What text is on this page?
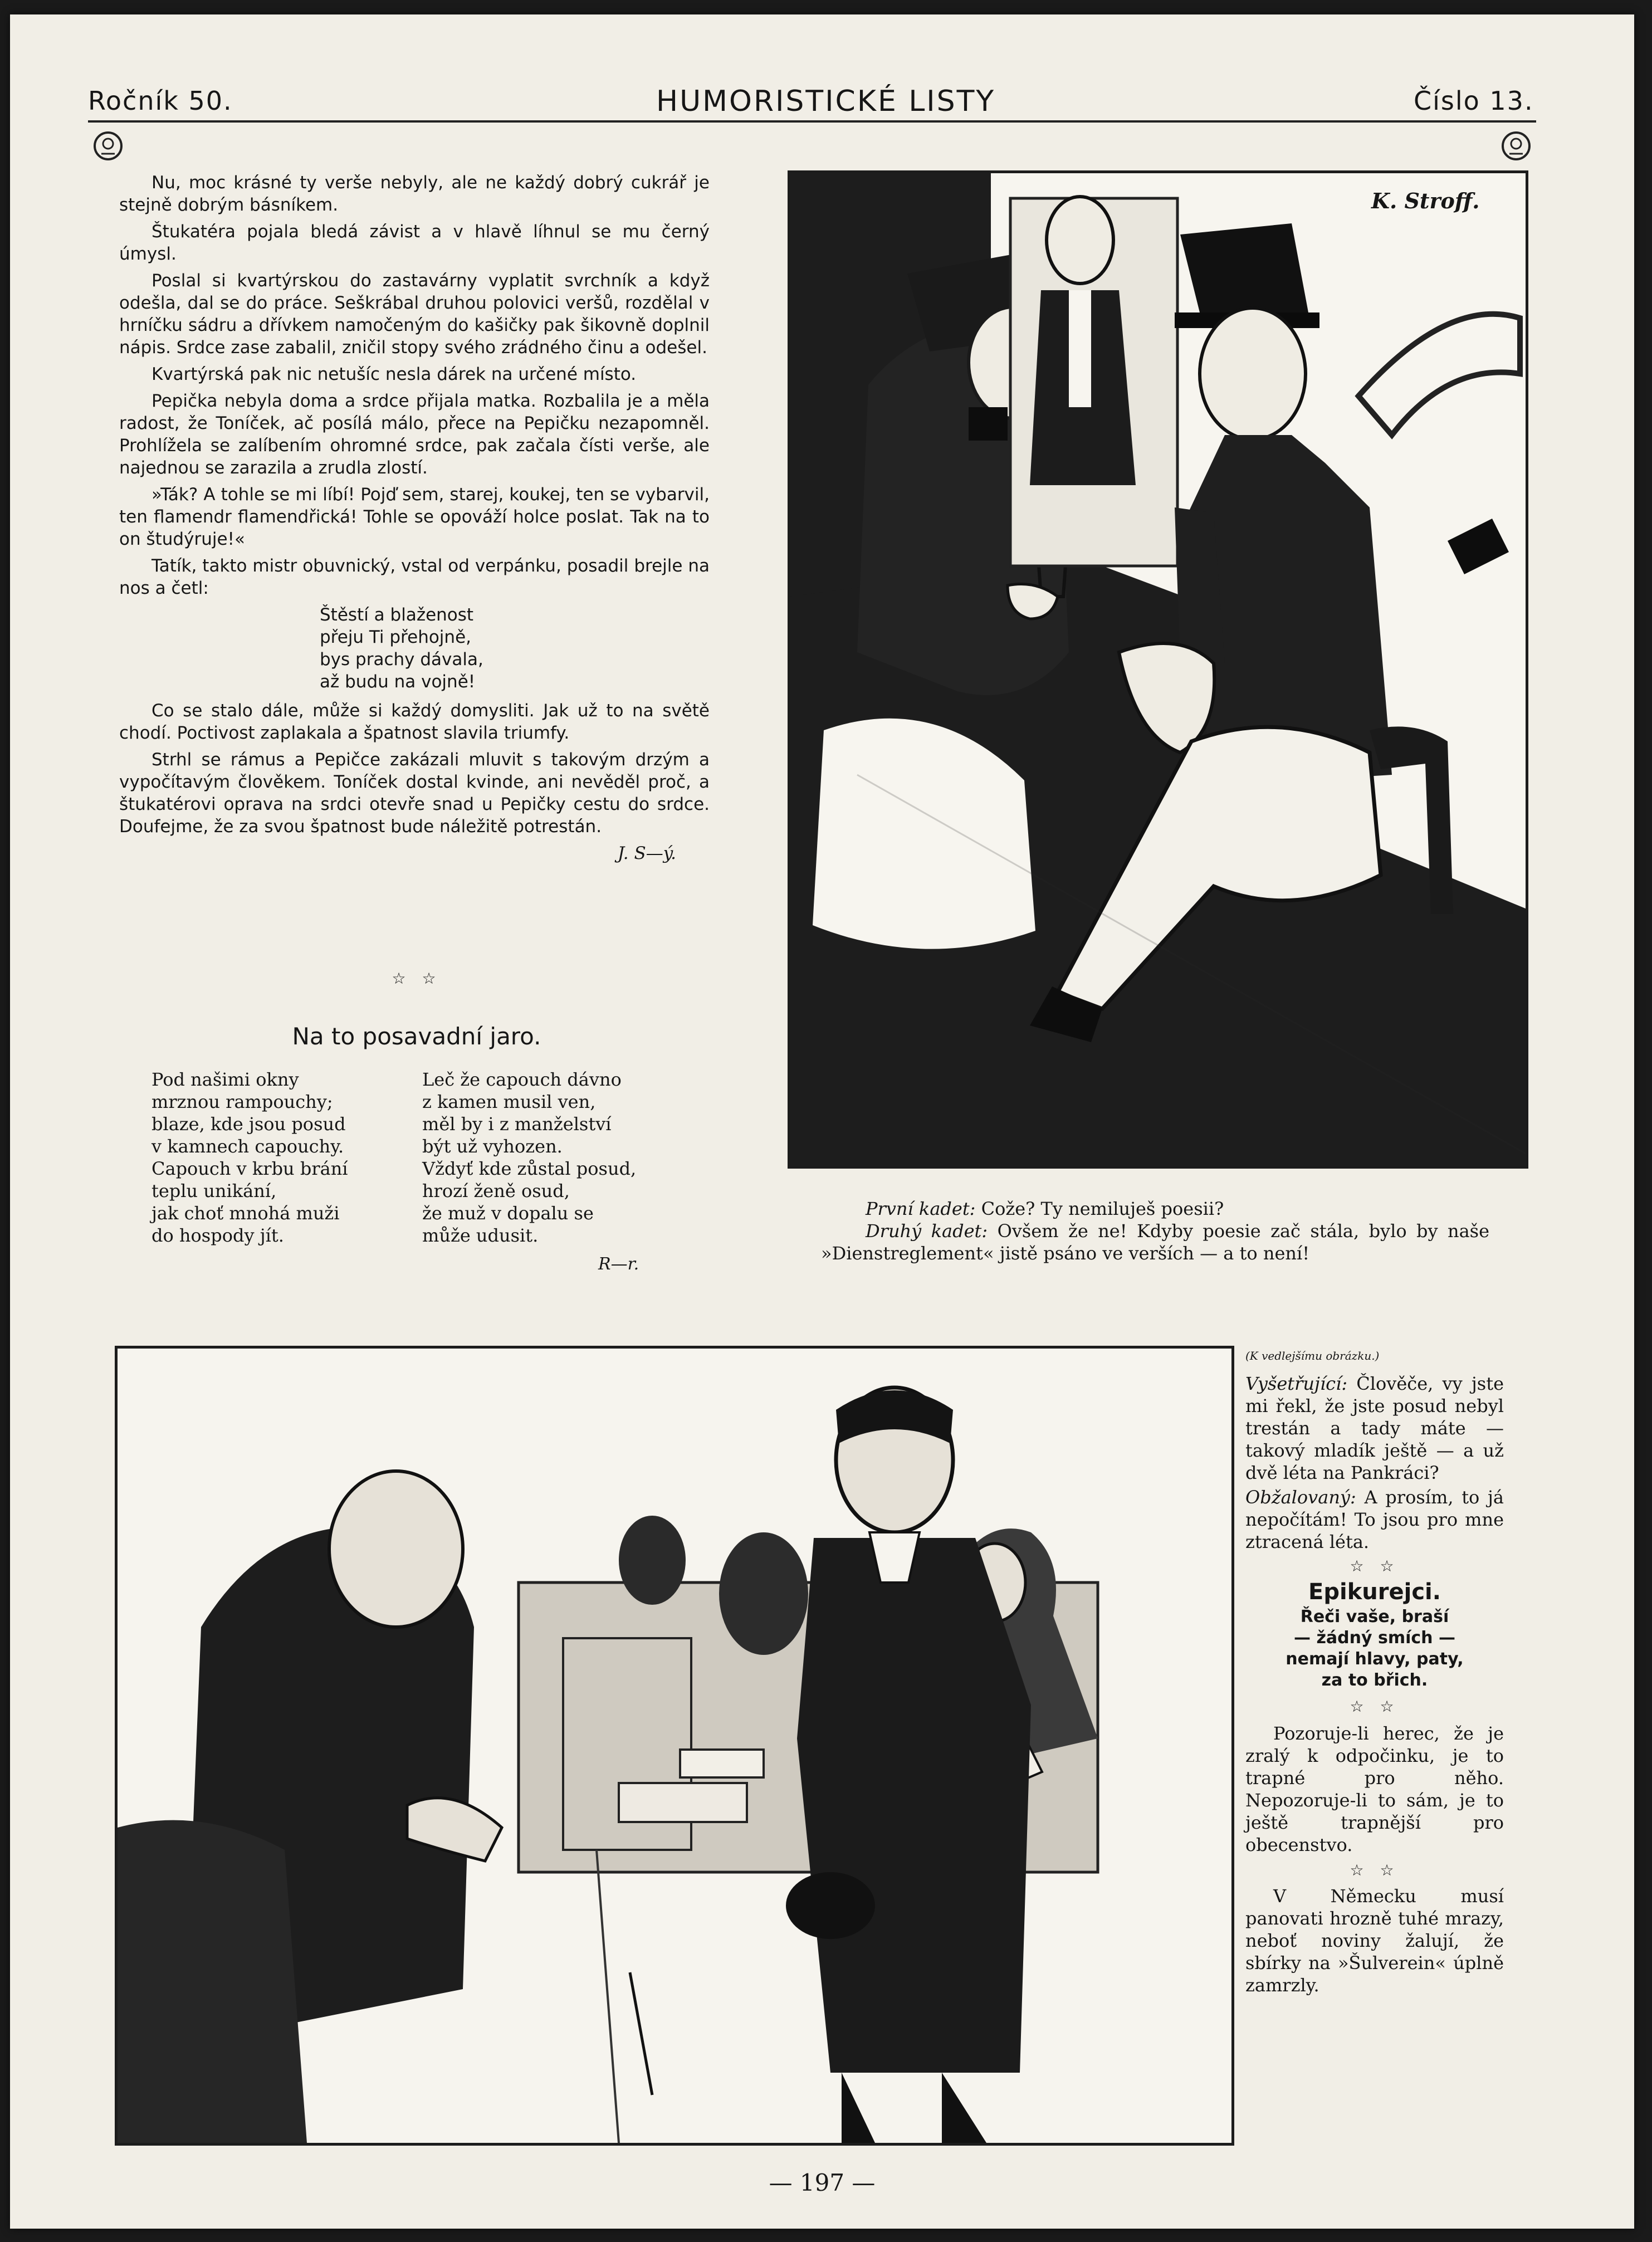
Ročník 50.	HUMORISTICKÉ LISTY	Číslo 13.

Nu, moc krásné ty verše nebyly, ale ne každý dobrý cukrář je stejně dobrým básníkem.

Štukatéra pojala bledá závist a v hlavě líhnul se mu černý úmysl.

Poslal si kvartýrskou do zastavárny vyplatit svrchník a když odešla, dal se do práce. Seškrábal druhou polovici veršů, rozdělal v hrníčku sádru a dřívkem namočeným do kašičky pak šikovně doplnil nápis. Srdce zase zabalil, zničil stopy svého zrádného činu a odešel.

Kvartýrská pak nic netušíc nesla dárek na určené místo.

Pepička nebyla doma a srdce přijala matka. Rozbalila je a měla radost, že Toníček, ač posílá málo, přece na Pepičku nezapomněl. Prohlížela se zalíbením ohromné srdce, pak začala čísti verše, ale najednou se zarazila a zrudla zlostí.

»Ták? A tohle se mi líbí! Pojď sem, starej, koukej, ten se vybarvil, ten flamendr flamendřická! Tohle se opováží holce poslat. Tak na to on študýruje!«

Tatík, takto mistr obuvnický, vstal od verpánku, posadil brejle na nos a četl:

Štěstí a blaženost
přeju Ti přehojně,
bys prachy dávala,
až budu na vojně!

Co se stalo dále, může si každý domysliti. Jak už to na světě chodí. Poctivost zaplakala a špatnost slavila triumfy.

Strhl se rámus a Pepičce zakázali mluvit s takovým drzým a vypočítavým člověkem. Toníček dostal kvinde, ani nevěděl proč, a štukatérovi oprava na srdci otevře snad u Pepičky cestu do srdce. Doufejme, že za svou špatnost bude náležitě potrestán.

J. S—ý.
☆ ☆
Na to posavadní jaro.
Pod našimi okny
mrznou rampouchy;
blaze, kde jsou posud
v kamnech capouchy.
Capouch v krbu brání
teplu unikání,
jak choť mnohá muži
do hospody jít.
Leč že capouch dávno
z kamen musil ven,
měl by i z manželství
být už vyhozen.
Vždyť kde zůstal posud,
hrozí ženě osud,
že muž v dopalu se
může udusit.
R—r.
K. Stroff.
První kadet: Cože? Ty nemiluješ poesii?
Druhý kadet: Ovšem že ne! Kdyby poesie zač stála, bylo by naše »Dienstreglement« jistě psáno ve verších — a to není!
(K vedlejšímu obrázku.)

Vyšetřující: Člověče, vy jste mi řekl, že jste posud nebyl trestán a tady máte — takový mladík ještě — a už dvě léta na Pankráci?

Obžalovaný: A prosím, to já nepočítám! To jsou pro mne ztracená léta.

☆ ☆
Epikurejci.
Řeči vaše, braší
— žádný smích —
nemají hlavy, paty,
za to břich.
☆ ☆

Pozoruje-li herec, že je zralý k odpočinku, je to trapné pro něho. Nepozoruje-li to sám, je to ještě trapnější pro obecenstvo.

☆ ☆

V Německu musí panovati hrozně tuhé mrazy, neboť noviny žalují, že sbírky na »Šulverein« úplně zamrzly.

— 197 —
